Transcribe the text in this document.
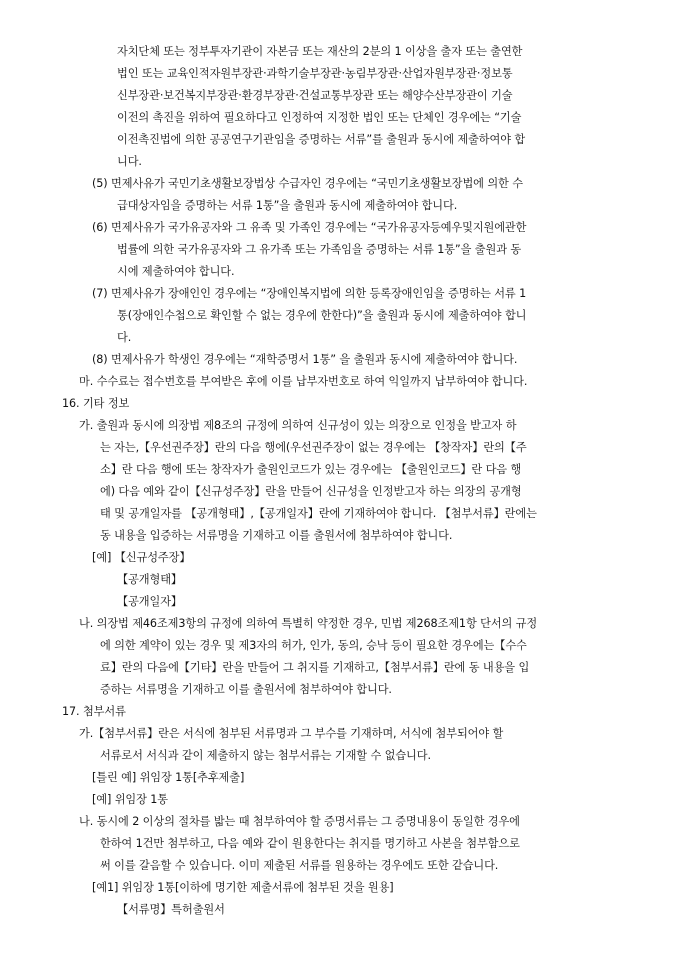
자치단체 또는 정부투자기관이 자본금 또는 재산의 2분의 1 이상을 출자 또는 출연한
법인 또는 교육인적자원부장관·과학기술부장관·농림부장관·산업자원부장관·정보통
신부장관·보건복지부장관·환경부장관·건설교통부장관 또는 해양수산부장관이 기술
이전의 촉진을 위하여 필요하다고 인정하여 지정한 법인 또는 단체인 경우에는 “기술
이전촉진법에 의한 공공연구기관임을 증명하는 서류”를 출원과 동시에 제출하여야 합
니다.
(5) 면제사유가 국민기초생활보장법상 수급자인 경우에는 “국민기초생활보장법에 의한 수
급대상자임을 증명하는 서류 1통”을 출원과 동시에 제출하여야 합니다.
(6) 면제사유가 국가유공자와 그 유족 및 가족인 경우에는 “국가유공자등예우및지원에관한
법률에 의한 국가유공자와 그 유가족 또는 가족임을 증명하는 서류 1통”을 출원과 동
시에 제출하여야 합니다.
(7) 면제사유가 장애인인 경우에는 “장애인복지법에 의한 등록장애인임을 증명하는 서류 1
통(장애인수첩으로 확인할 수 없는 경우에 한한다)”을 출원과 동시에 제출하여야 합니
다.
(8) 면제사유가 학생인 경우에는 “재학증명서 1통” 을 출원과 동시에 제출하여야 합니다.
마. 수수료는 접수번호를 부여받은 후에 이를 납부자번호로 하여 익일까지 납부하여야 합니다.
16. 기타 정보
가. 출원과 동시에 의장법 제8조의 규정에 의하여 신규성이 있는 의장으로 인정을 받고자 하
는 자는,【우선권주장】란의 다음 행에(우선권주장이 없는 경우에는 【창작자】란의【주
소】란 다음 행에 또는 창작자가 출원인코드가 있는 경우에는 【출원인코드】란 다음 행
에) 다음 예와 같이【신규성주장】란을 만들어 신규성을 인정받고자 하는 의장의 공개형
태 및 공개일자를 【공개형태】,【공개일자】란에 기재하여야 합니다. 【첨부서류】란에는
동 내용을 입증하는 서류명을 기재하고 이를 출원서에 첨부하여야 합니다.
[예] 【신규성주장】
【공개형태】
【공개일자】
나. 의장법 제46조제3항의 규정에 의하여 특별히 약정한 경우, 민법 제268조제1항 단서의 규정
에 의한 계약이 있는 경우 및 제3자의 허가, 인가, 동의, 승낙 등이 필요한 경우에는【수수
료】란의 다음에【기타】란을 만들어 그 취지를 기재하고,【첨부서류】란에 동 내용을 입
증하는 서류명을 기재하고 이를 출원서에 첨부하여야 합니다.
17. 첨부서류
가.【첨부서류】란은 서식에 첨부된 서류명과 그 부수를 기재하며, 서식에 첨부되어야 할
서류로서 서식과 같이 제출하지 않는 첨부서류는 기재할 수 없습니다.
[틀린 예] 위임장 1통[추후제출]
[예] 위임장 1통
나. 동시에 2 이상의 절차를 밟는 때 첨부하여야 할 증명서류는 그 증명내용이 동일한 경우에
한하여 1건만 첨부하고, 다음 예와 같이 원용한다는 취지를 명기하고 사본을 첨부함으로
써 이를 갈음할 수 있습니다. 이미 제출된 서류를 원용하는 경우에도 또한 같습니다.
[예1] 위임장 1통[이하에 명기한 제출서류에 첨부된 것을 원용]
【서류명】특허출원서
